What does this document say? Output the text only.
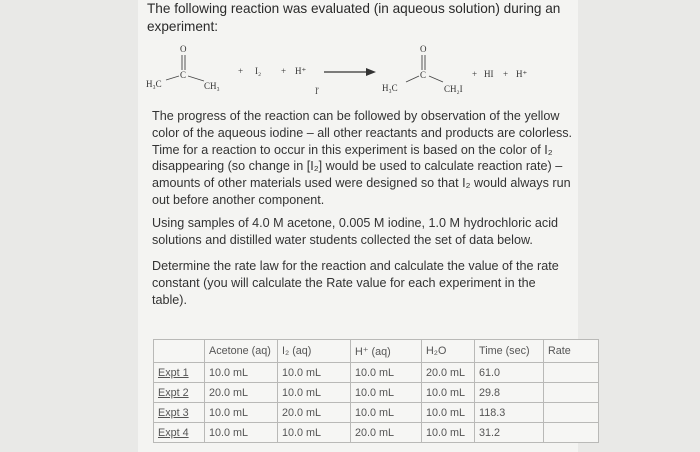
The following reaction was evaluated (in aqueous solution) during an experiment:
O
C
H₃C	CH₃
+ I₂ + H⁺
ľ
O
C
H₃C	CH₂I
+ HI + H⁺
The progress of the reaction can be followed by observation of the yellow
color of the aqueous iodine – all other reactants and products are colorless.
Time for a reaction to occur in this experiment is based on the color of I₂
disappearing (so change in [I₂] would be used to calculate reaction rate) –
amounts of other materials used were designed so that I₂ would always run
out before another component.
Using samples of 4.0 M acetone, 0.005 M iodine, 1.0 M hydrochloric acid
solutions and distilled water students collected the set of data below.
Determine the rate law for the reaction and calculate the value of the rate
constant (you will calculate the Rate value for each experiment in the
table).
	Acetone (aq)	I₂ (aq)	H⁺ (aq)	H₂O	Time (sec)	Rate
Expt 1	10.0 mL	10.0 mL	10.0 mL	20.0 mL	61.0	
Expt 2	20.0 mL	10.0 mL	10.0 mL	10.0 mL	29.8	
Expt 3	10.0 mL	20.0 mL	10.0 mL	10.0 mL	118.3	
Expt 4	10.0 mL	10.0 mL	20.0 mL	10.0 mL	31.2	
